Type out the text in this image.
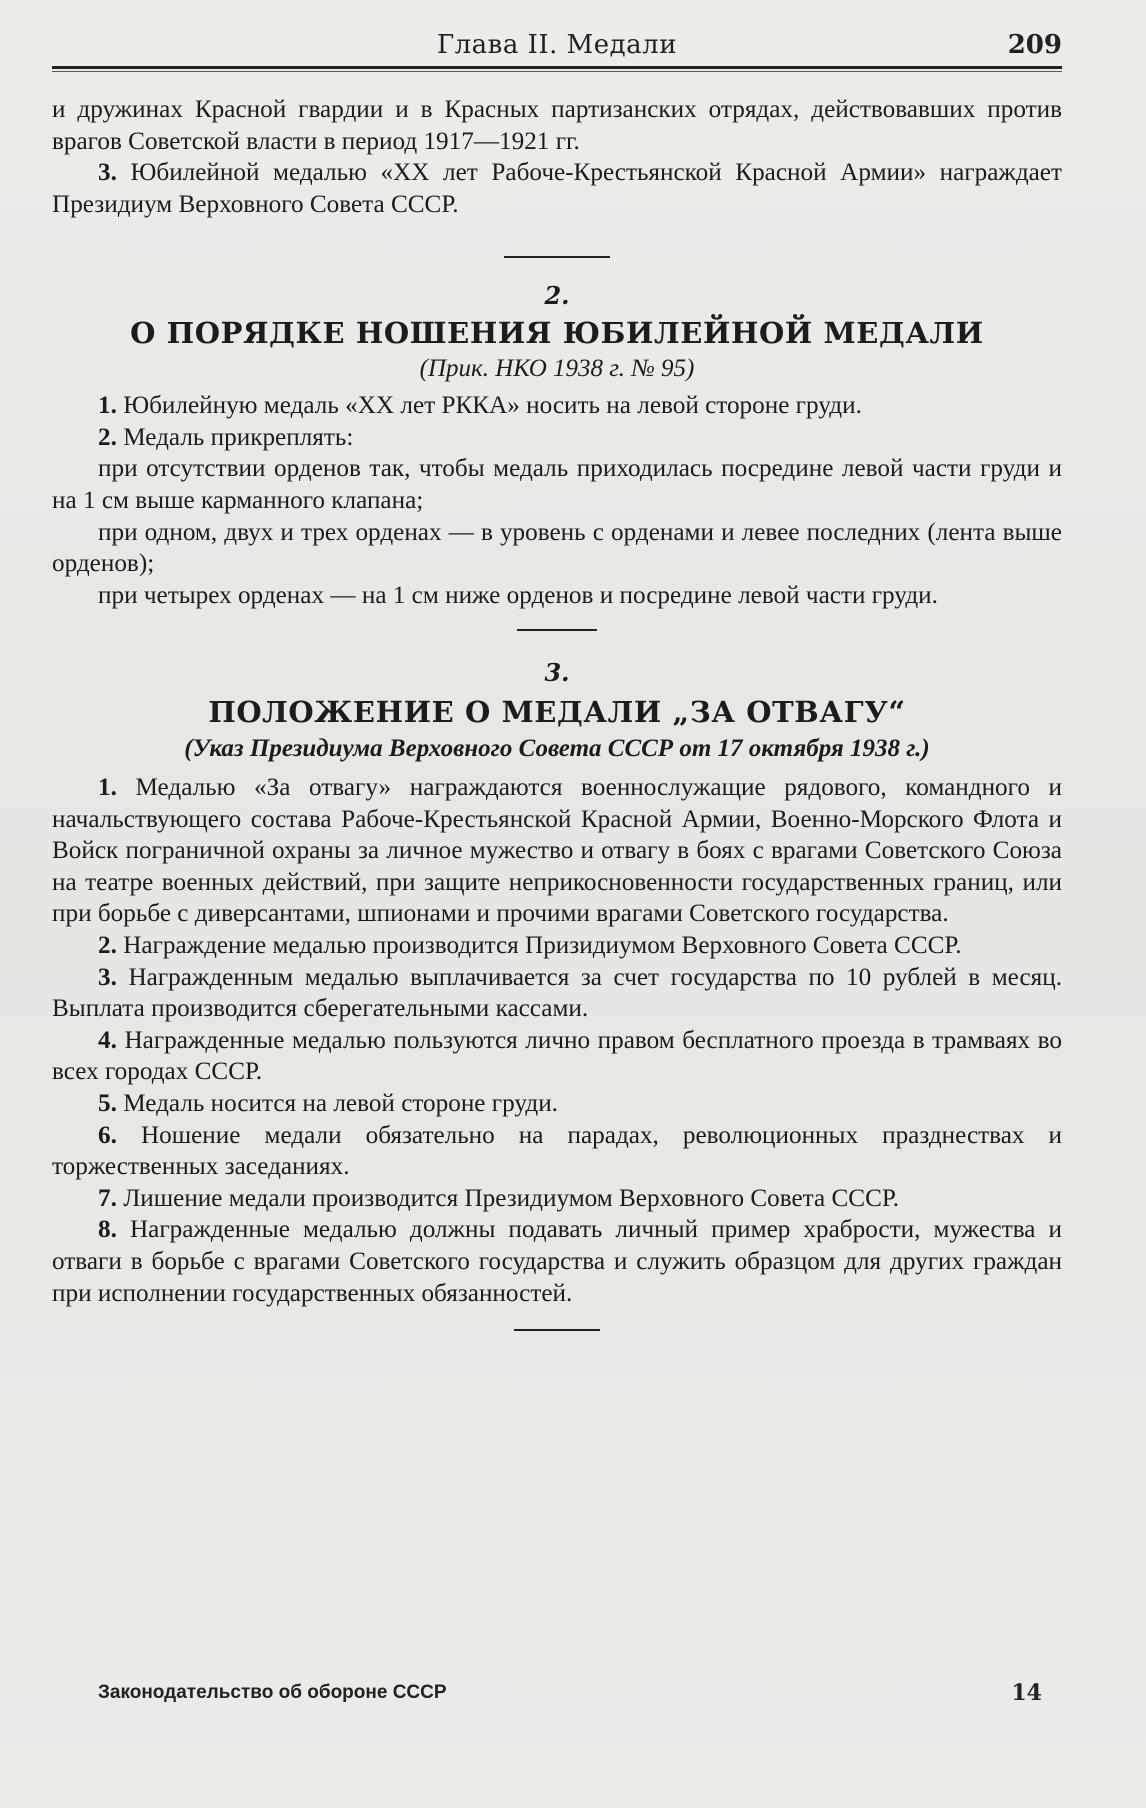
Глава II. Медали	209

и дружинах Красной гвардии и в Красных партизанских отрядах, действовавших против врагов Советской власти в период 1917—1921 гг.

3. Юбилейной медалью «XX лет Рабоче-Крестьянской Красной Армии» награждает Президиум Верховного Совета СССР.

2.
О ПОРЯДКЕ НОШЕНИЯ ЮБИЛЕЙНОЙ МЕДАЛИ
(Прик. НКО 1938 г. № 95)

1. Юбилейную медаль «XX лет РККА» носить на левой стороне груди.

2. Медаль прикреплять:

при отсутствии орденов так, чтобы медаль приходилась посредине левой части груди и на 1 см выше карманного клапана;

при одном, двух и трех орденах — в уровень с орденами и левее последних (лента выше орденов);

при четырех орденах — на 1 см ниже орденов и посредине левой части груди.

3.
ПОЛОЖЕНИЕ О МЕДАЛИ „ЗА ОТВАГУ“
(Указ Президиума Верховного Совета СССР от 17 октября 1938 г.)

1. Медалью «За отвагу» награждаются военнослужащие рядового, командного и начальствующего состава Рабоче-Крестьянской Красной Армии, Военно-Морского Флота и Войск пограничной охраны за личное мужество и отвагу в боях с врагами Советского Союза на театре военных действий, при защите неприкосновенности государственных границ, или при борьбе с диверсантами, шпионами и прочими врагами Советского государства.

2. Награждение медалью производится Призидиумом Верховного Совета СССР.

3. Награжденным медалью выплачивается за счет государства по 10 рублей в месяц. Выплата производится сберегательными кассами.

4. Награжденные медалью пользуются лично правом бесплатного проезда в трамваях во всех городах СССР.

5. Медаль носится на левой стороне груди.

6. Ношение медали обязательно на парадах, революционных празднествах и торжественных заседаниях.

7. Лишение медали производится Президиумом Верховного Совета СССР.

8. Награжденные медалью должны подавать личный пример храбрости, мужества и отваги в борьбе с врагами Советского государства и служить образцом для других граждан при исполнении государственных обязанностей.

Законодательство об обороне СССР	14
